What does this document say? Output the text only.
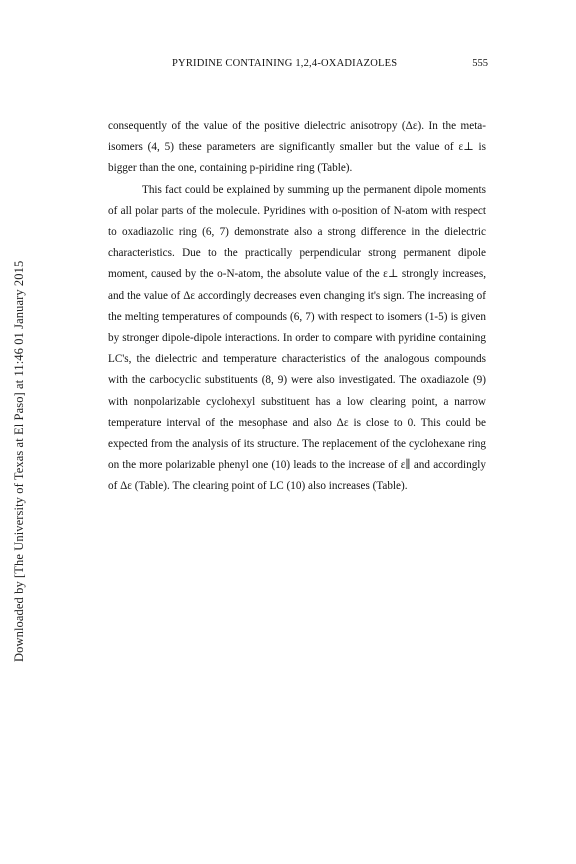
PYRIDINE CONTAINING 1,2,4-OXADIAZOLES	555

consequently of the value of the positive dielectric anisotropy (Δε). In the meta-isomers (4, 5) these parameters are significantly smaller but the value of ε⊥ is bigger than the one, containing p-piridine ring (Table).

This fact could be explained by summing up the permanent dipole moments of all polar parts of the molecule. Pyridines with o-position of N-atom with respect to oxadiazolic ring (6, 7) demonstrate also a strong difference in the dielectric characteristics. Due to the practically perpendicular strong permanent dipole moment, caused by the o-N-atom, the absolute value of the ε⊥ strongly increases, and the value of Δε accordingly decreases even changing it's sign. The increasing of the melting temperatures of compounds (6, 7) with respect to isomers (1-5) is given by stronger dipole-dipole interactions. In order to compare with pyridine containing LC's, the dielectric and temperature characteristics of the analogous compounds with the carbocyclic substituents (8, 9) were also investigated. The oxadiazole (9) with nonpolarizable cyclohexyl substituent has a low clearing point, a narrow temperature interval of the mesophase and also Δε is close to 0. This could be expected from the analysis of its structure. The replacement of the cyclohexane ring on the more polarizable phenyl one (10) leads to the increase of ε∥ and accordingly of Δε (Table). The clearing point of LC (10) also increases (Table).

Downloaded by [The University of Texas at El Paso] at 11:46 01 January 2015
